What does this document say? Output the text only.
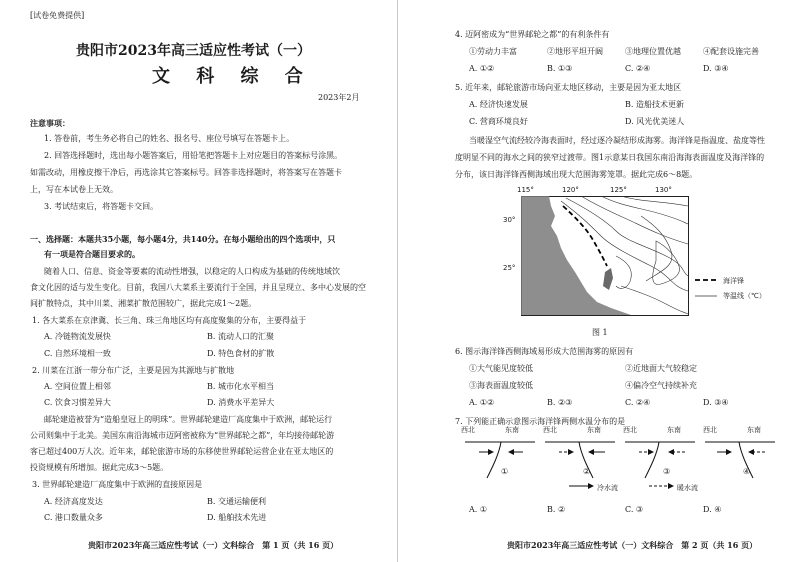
[试卷免费提供]
贵阳市2023年高三适应性考试（一）
文 科 综 合
2023年2月
注意事项：
1. 答卷前，考生务必将自己的姓名、报名号、座位号填写在答题卡上。
2. 回答选择题时，选出每小题答案后，用铅笔把答题卡上对应题目的答案标号涂黑。
如需改动，用橡皮擦干净后，再选涂其它答案标号。回答非选择题时，将答案写在答题卡
上，写在本试卷上无效。
3. 考试结束后，将答题卡交回。
一、选择题：本题共35小题，每小题4分，共140分。在每小题给出的四个选项中，只
有一项是符合题目要求的。
随着人口、信息、资金等要素的流动性增强，以稳定的人口构成为基础的传统地域饮
食文化因的适与发生变化。目前，我国八大菜系主要流行于全国，并且呈现立、多中心发展的空
间扩散特点，其中川菜、湘菜扩散范围较广，据此完成1～2题。
1. 各大菜系在京津冀、长三角、珠三角地区均有高度聚集的分布，主要得益于
A. 冷链物流发展快	B. 流动人口的汇聚
C. 自然环境相一致	D. 特色食材的扩散
2. 川菜在江浙一带分布广泛，主要是因为其源地与扩散地
A. 空间位置上相邻	B. 城市化水平相当
C. 饮食习惯差异大	D. 消费水平差异大
邮轮建造被誉为“造船皇冠上的明珠”。世界邮轮建造厂高度集中于欧洲，邮轮运行
公司则集中于北美。美国东南沿海城市迈阿密被称为“世界邮轮之都”，年均接待邮轮游
客已超过400万人次。近年来，邮轮旅游市场的东移使世界邮轮运营企业在亚太地区的
投资规模有所增加。据此完成3～5题。
3. 世界邮轮建造厂高度集中于欧洲的直接原因是
A. 经济高度发达	B. 交通运输便利
C. 港口数量众多	D. 船舶技术先进
贵阳市2023年高三适应性考试（一）文科综合　第 1 页（共 16 页）
4. 迈阿密成为“世界邮轮之都”的有利条件有
①劳动力丰富	②地形平坦开阔	③地理位置优越	④配套设施完善
A. ①②	B. ①③	C. ②④	D. ③④
5. 近年来，邮轮旅游市场向亚太地区移动，主要是因为亚太地区
A. 经济快速发展	B. 造船技术更新
C. 营商环境良好	D. 风光优美迷人
当暖湿空气流经较冷海表面时，经过逐冷凝结形成海雾。海洋锋是指温度、盐度等性
度明显不同的海水之间的狭窄过渡带。图1示意某日我国东南沿海海表面温度及海洋锋的
分布，该日海洋锋西侧海域出现大范围海雾笼罩。据此完成6～8题。
115°	120°	125°	130°
30°
25°
海洋锋
等温线（℃）
图 1
6. 图示海洋锋西侧海域易形成大范围海雾的原因有
①大气能见度较低	②近地面大气较稳定
③海表面温度较低	④偏冷空气持续补充
A. ①②	B. ②③	C. ②④	D. ③④
7. 下列能正确示意图示海洋锋两侧水温分布的是
西北	东南	西北	东南	西北	东南	西北	东南
①	②	③	④
冷水流	暖水流
A. ①	B. ②	C. ③	D. ④
贵阳市2023年高三适应性考试（一）文科综合　第 2 页（共 16 页）
